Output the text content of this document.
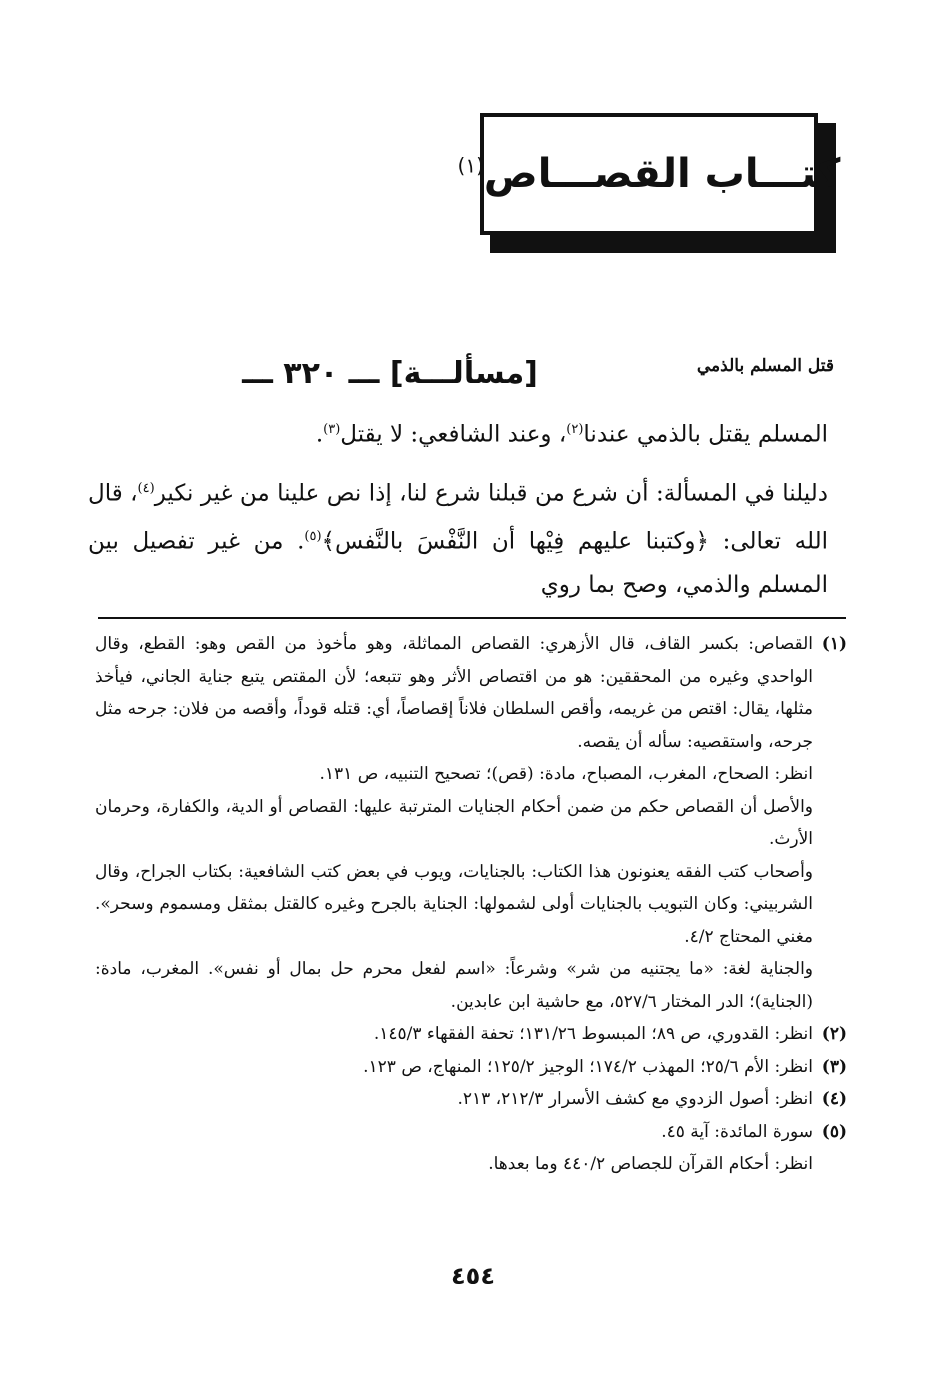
كتـــاب القصـــاص$^{(١)}$
قتل المسلم بالذمي
[مسألـــة] ـــ ٣٢٠ ـــ

المسلم يقتل بالذمي عندنا$^{(٢)}$، وعند الشافعي: لا يقتل$^{(٣)}$.

دليلنا في المسألة: أن شرع من قبلنا شرع لنا، إذا نص علينا من غير نكير$^{(٤)}$، قال الله تعالى: ﴿وكتبنا عليهم فِيْها أن النَّفْسَ بالنَّفس﴾$^{(٥)}$. من غير تفصيل بين المسلم والذمي، وصح بما روي

(١)

القصاص: بكسر القاف، قال الأزهري: القصاص المماثلة، وهو مأخوذ من القص وهو: القطع، وقال الواحدي وغيره من المحققين: هو من اقتصاص الأثر وهو تتبعه؛ لأن المقتص يتبع جناية الجاني، فيأخذ مثلها، يقال: اقتص من غريمه، وأقص السلطان فلاناً إقصاصاً، أي: قتله قوداً، وأقصه من فلان: جرحه مثل جرحه، واستقصيه: سأله أن يقصه.

انظر: الصحاح، المغرب، المصباح، مادة: (قص)؛ تصحيح التنبيه، ص ١٣١.

والأصل أن القصاص حكم من ضمن أحكام الجنايات المترتبة عليها: القصاص أو الدية، والكفارة، وحرمان الأرث.

وأصحاب كتب الفقه يعنونون هذا الكتاب: بالجنايات، ويوب في بعض كتب الشافعية: بكتاب الجراح، وقال الشربيني: وكان التبويب بالجنايات أولى لشمولها: الجناية بالجرح وغيره كالقتل بمثقل ومسموم وسحر». مغني المحتاج ٤/٢.

والجناية لغة: «ما يجتنيه من شر» وشرعاً: «اسم لفعل محرم حل بمال أو نفس». المغرب، مادة: (الجناية)؛ الدر المختار ٥٢٧/٦، مع حاشية ابن عابدين.

(٢)
انظر: القدوري، ص ٨٩؛ المبسوط ١٣١/٢٦؛ تحفة الفقهاء ١٤٥/٣.
(٣)
انظر: الأم ٢٥/٦؛ المهذب ١٧٤/٢؛ الوجيز ١٢٥/٢؛ المنهاج، ص ١٢٣.
(٤)
انظر: أصول الزدوي مع كشف الأسرار ٢١٢/٣، ٢١٣.
(٥)
سورة المائدة: آية ٤٥.
انظر: أحكام القرآن للجصاص ٤٤٠/٢ وما بعدها.
٤٥٤
